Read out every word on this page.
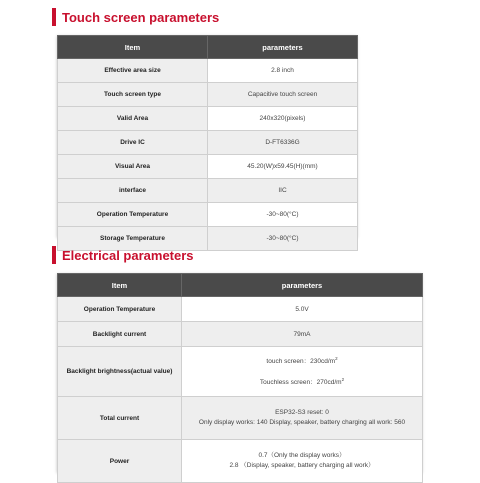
Touch screen parameters
Item	parameters
Effective area size	2.8 inch
Touch screen type	Capacitive touch screen
Valid Area	240x320(pixels)
Drive IC	D-FT6336G
Visual Area	45.20(W)x59.45(H)(mm)
interface	IIC
Operation Temperature	-30~80(°C)
Storage Temperature	-30~80(°C)
Electrical parameters
Item	parameters
Operation Temperature	5.0V
Backlight current	79mA
Backlight brightness(actual value)	touch screen：$230cd/m^2$
Touchless screen：$270cd/m^2$

Total current	ESP32-S3 reset: 0
Only display works: 140 Display, speaker, battery charging all work: 560

Power	0.7（Only the display works）
2.8 （Display, speaker, battery charging all work）
